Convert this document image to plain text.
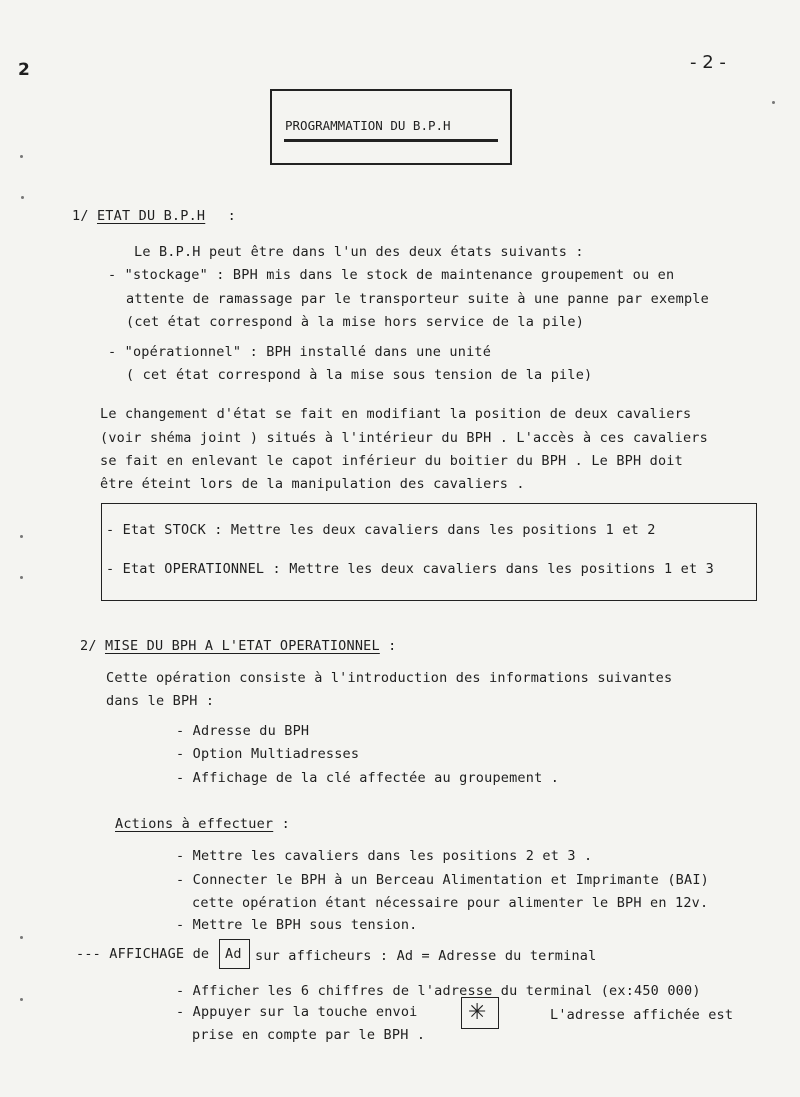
2	- 2 -
PROGRAMMATION DU B.P.H
1/ ETAT DU B.P.H :
Le B.P.H peut être dans l'un des deux états suivants :
- "stockage" : BPH mis dans le stock de maintenance groupement ou en
attente de ramassage par le transporteur suite à une panne par exemple
(cet état correspond à la mise hors service de la pile)
- "opérationnel" : BPH installé dans une unité
( cet état correspond à la mise sous tension de la pile)
Le changement d'état se fait en modifiant la position de deux cavaliers
(voir shéma joint ) situés à l'intérieur du BPH . L'accès à ces cavaliers
se fait en enlevant le capot inférieur du boitier du BPH . Le BPH doit
être éteint lors de la manipulation des cavaliers .
- Etat STOCK : Mettre les deux cavaliers dans les positions 1 et 2
- Etat OPERATIONNEL : Mettre les deux cavaliers dans les positions 1 et 3
2/ MISE DU BPH A L'ETAT OPERATIONNEL :
Cette opération consiste à l'introduction des informations suivantes
dans le BPH :
- Adresse du BPH
- Option Multiadresses
- Affichage de la clé affectée au groupement .
Actions à effectuer :
- Mettre les cavaliers dans les positions 2 et 3 .
- Connecter le BPH à un Berceau Alimentation et Imprimante (BAI)
cette opération étant nécessaire pour alimenter le BPH en 12v.
- Mettre le BPH sous tension.
--- AFFICHAGE de Ad sur afficheurs : Ad = Adresse du terminal
- Afficher les 6 chiffres de l'adresse du terminal (ex:450 000)
- Appuyer sur la touche envoi ✳	L'adresse affichée est
prise en compte par le BPH .
